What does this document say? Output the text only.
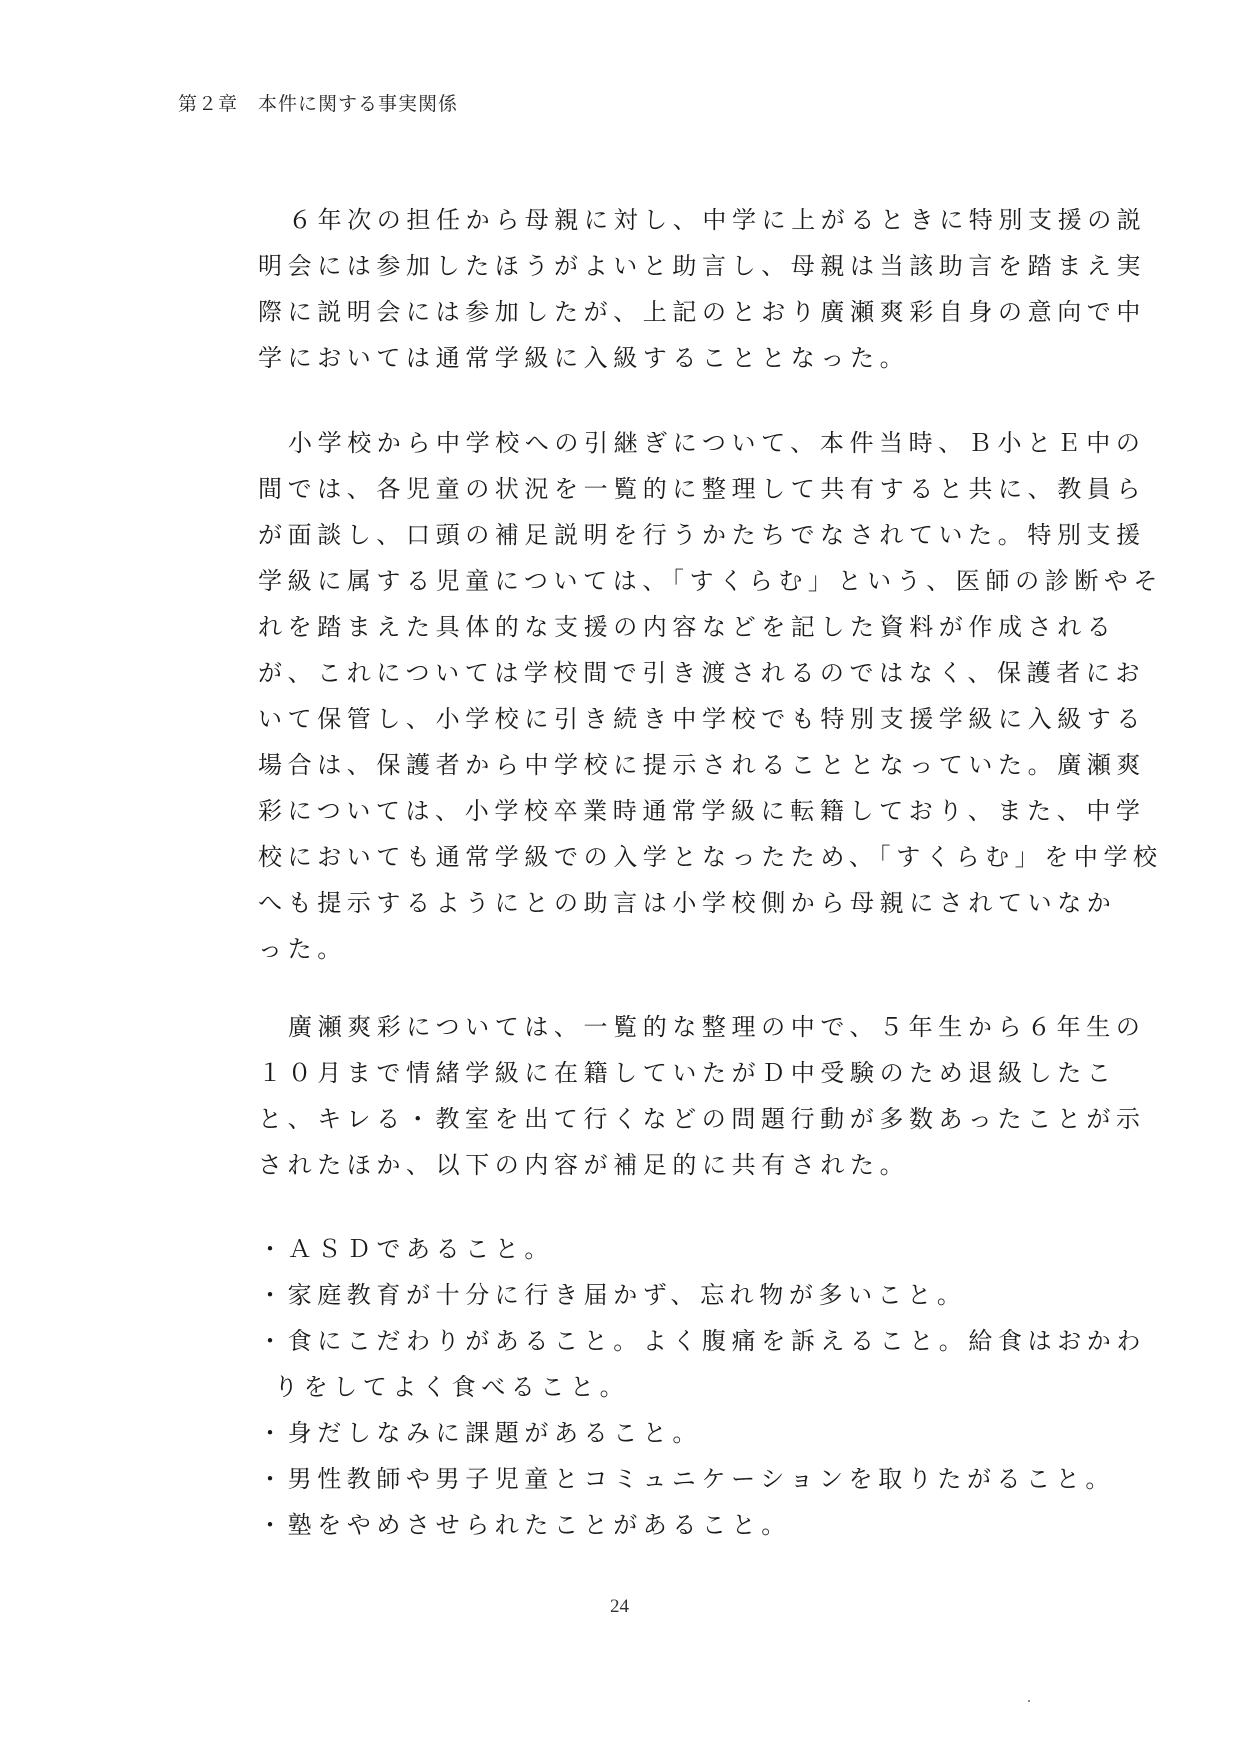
第２章　本件に関する事実関係
６年次の担任から母親に対し、中学に上がるときに特別支援の説
明会には参加したほうがよいと助言し、母親は当該助言を踏まえ実
際に説明会には参加したが、上記のとおり廣瀬爽彩自身の意向で中
学においては通常学級に入級することとなった。
小学校から中学校への引継ぎについて、本件当時、Ｂ小とＥ中の
間では、各児童の状況を一覧的に整理して共有すると共に、教員ら
が面談し、口頭の補足説明を行うかたちでなされていた。特別支援
学級に属する児童については、「すくらむ」という、医師の診断やそ
れを踏まえた具体的な支援の内容などを記した資料が作成される
が、これについては学校間で引き渡されるのではなく、保護者にお
いて保管し、小学校に引き続き中学校でも特別支援学級に入級する
場合は、保護者から中学校に提示されることとなっていた。廣瀬爽
彩については、小学校卒業時通常学級に転籍しており、また、中学
校においても通常学級での入学となったため、「すくらむ」を中学校
へも提示するようにとの助言は小学校側から母親にされていなか
った。
廣瀬爽彩については、一覧的な整理の中で、５年生から６年生の
１０月まで情緒学級に在籍していたがＤ中受験のため退級したこ
と、キレる・教室を出て行くなどの問題行動が多数あったことが示
されたほか、以下の内容が補足的に共有された。
・ＡＳＤであること。
・家庭教育が十分に行き届かず、忘れ物が多いこと。
・食にこだわりがあること。よく腹痛を訴えること。給食はおかわ
りをしてよく食べること。
・身だしなみに課題があること。
・男性教師や男子児童とコミュニケーションを取りたがること。
・塾をやめさせられたことがあること。
24
